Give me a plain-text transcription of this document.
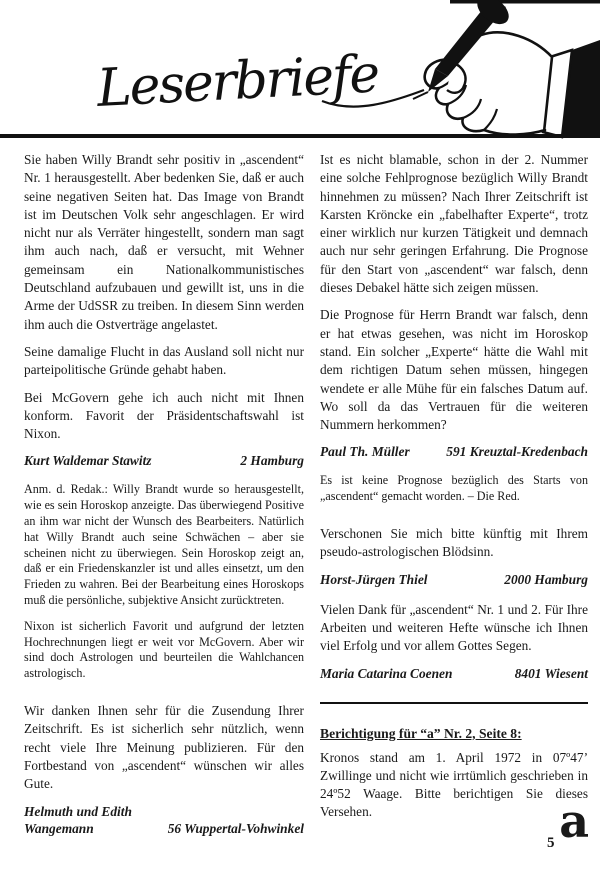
Leserbriefe

Sie haben Willy Brandt sehr positiv in „ascendent“ Nr. 1 herausgestellt. Aber bedenken Sie, daß er auch seine negativen Seiten hat. Das Image von Brandt ist im Deutschen Volk sehr angeschlagen. Er wird nicht nur als Verräter hingestellt, sondern man sagt ihm auch nach, daß er versucht, mit Wehner gemeinsam ein Nationalkommunistisches Deutschland aufzubauen und gewillt ist, uns in die Arme der UdSSR zu treiben. In diesem Sinn werden ihm auch die Ostverträge angelastet.

Seine damalige Flucht in das Ausland soll nicht nur parteipolitische Gründe gehabt haben.

Bei McGovern gehe ich auch nicht mit Ihnen konform. Favorit der Präsidentschaftswahl ist Nixon.

Kurt Waldemar Stawitz	2 Hamburg

Anm. d. Redak.: Willy Brandt wurde so herausgestellt, wie es sein Horoskop anzeigte. Das überwiegend Positive an ihm war nicht der Wunsch des Bearbeiters. Natürlich hat Willy Brandt auch seine Schwächen – aber sie scheinen nicht zu überwiegen. Sein Horoskop zeigt an, daß er ein Friedenskanzler ist und alles einsetzt, um den Frieden zu wahren. Bei der Bearbeitung eines Horoskops muß die persönliche, subjektive Ansicht zurücktreten.

Nixon ist sicherlich Favorit und aufgrund der letzten Hochrechnungen liegt er weit vor McGovern. Aber wir sind doch Astrologen und beurteilen die Wahlchancen astrologisch.

Wir danken Ihnen sehr für die Zusendung Ihrer Zeitschrift. Es ist sicherlich sehr nützlich, wenn recht viele Ihre Meinung publizieren. Für den Fortbestand von „ascendent“ wünschen wir alles Gute.

Helmuth und Edith
Wangemann	56 Wuppertal-Vohwinkel

Ist es nicht blamable, schon in der 2. Nummer eine solche Fehlprognose bezüglich Willy Brandt hinnehmen zu müssen? Nach Ihrer Zeitschrift ist Karsten Kröncke ein „fabelhafter Experte“, trotz einer wirklich nur kurzen Tätigkeit und demnach auch nur sehr geringen Erfahrung. Die Prognose für den Start von „ascendent“ war falsch, denn dieses Debakel hätte sich zeigen müssen.

Die Prognose für Herrn Brandt war falsch, denn er hat etwas gesehen, was nicht im Horoskop stand. Ein solcher „Experte“ hätte die Wahl mit dem richtigen Datum sehen müssen, hingegen wendete er alle Mühe für ein falsches Datum auf. Wo soll da das Vertrauen für die weiteren Nummern herkommen?

Paul Th. Müller	591 Kreuztal-Kredenbach

Es ist keine Prognose bezüglich des Starts von „ascendent“ gemacht worden. – Die Red.

Verschonen Sie mich bitte künftig mit Ihrem pseudo-astrologischen Blödsinn.

Horst-Jürgen Thiel	2000 Hamburg

Vielen Dank für „ascendent“ Nr. 1 und 2. Für Ihre Arbeiten und weiteren Hefte wünsche ich Ihnen viel Erfolg und vor allem Gottes Segen.

Maria Catarina Coenen	8401 Wiesent
Berichtigung für “a” Nr. 2, Seite 8:

Kronos stand am 1. April 1972 in 07º47’ Zwillinge und nicht wie irrtümlich geschrieben in 24º52 Waage. Bitte berichtigen Sie dieses Versehen.	a
5
